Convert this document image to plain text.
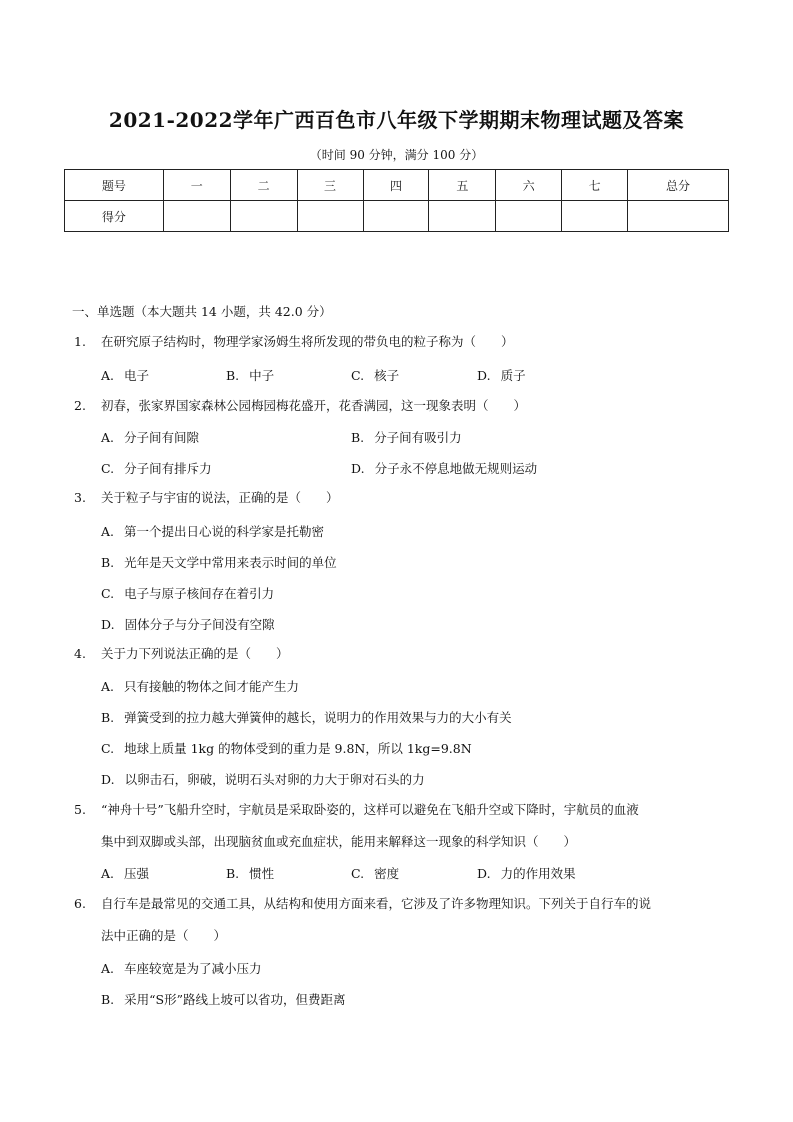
2021-2022学年广西百色市八年级下学期期末物理试题及答案
（时间 90 分钟，满分 100 分）
题号	一	二	三	四	五	六	七	总分
得分								
一、单选题（本大题共 14 小题，共 42.0 分）
1.	在研究原子结构时，物理学家汤姆生将所发现的带负电的粒子称为（　　）
A. 电子	B. 中子	C. 核子	D. 质子
2.	初春，张家界国家森林公园梅园梅花盛开，花香满园，这一现象表明（　　）
A. 分子间有间隙	B. 分子间有吸引力
C. 分子间有排斥力	D. 分子永不停息地做无规则运动
3.	关于粒子与宇宙的说法，正确的是（　　）
A. 第一个提出日心说的科学家是托勒密
B. 光年是天文学中常用来表示时间的单位
C. 电子与原子核间存在着引力
D. 固体分子与分子间没有空隙
4.	关于力下列说法正确的是（　　）
A. 只有接触的物体之间才能产生力
B. 弹簧受到的拉力越大弹簧伸的越长，说明力的作用效果与力的大小有关
C. 地球上质量 1kg 的物体受到的重力是 9.8N，所以 1kg=9.8N
D. 以卵击石，卵破，说明石头对卵的力大于卵对石头的力
5.	“神舟十号”飞船升空时，宇航员是采取卧姿的，这样可以避免在飞船升空或下降时，宇航员的血液
集中到双脚或头部，出现脑贫血或充血症状，能用来解释这一现象的科学知识（　　）
A. 压强	B. 惯性	C. 密度	D. 力的作用效果
6.	自行车是最常见的交通工具，从结构和使用方面来看，它涉及了许多物理知识。下列关于自行车的说
法中正确的是（　　）
A. 车座较宽是为了减小压力
B. 采用“S形”路线上坡可以省功，但费距离
